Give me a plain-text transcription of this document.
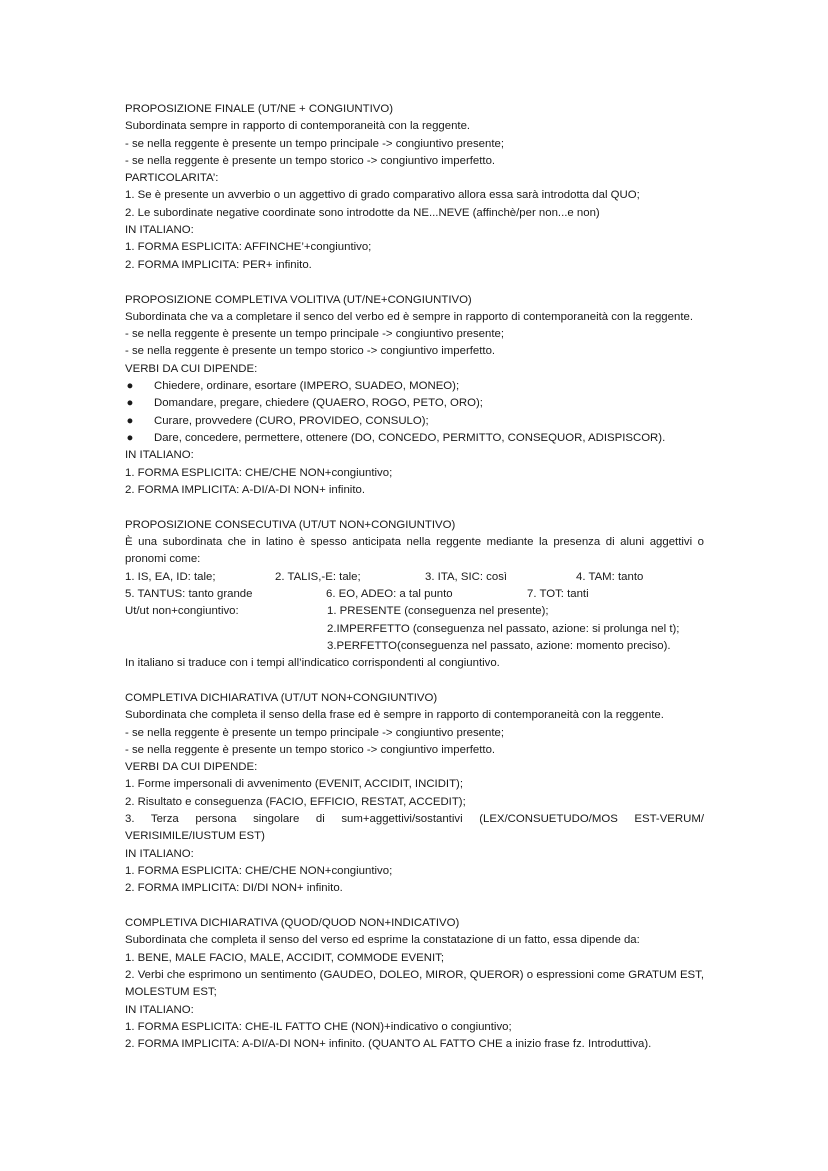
PROPOSIZIONE FINALE (UT/NE + CONGIUNTIVO)
Subordinata sempre in rapporto di contemporaneità con la reggente.
- se nella reggente è presente un tempo principale -> congiuntivo presente;
- se nella reggente è presente un tempo storico -> congiuntivo imperfetto.
PARTICOLARITA’:
1. Se è presente un avverbio o un aggettivo di grado comparativo allora essa sarà introdotta dal QUO;
2. Le subordinate negative coordinate sono introdotte da NE...NEVE (affinchè/per non...e non)
IN ITALIANO:
1. FORMA ESPLICITA: AFFINCHE’+congiuntivo;
2. FORMA IMPLICITA: PER+ infinito.
PROPOSIZIONE COMPLETIVA VOLITIVA (UT/NE+CONGIUNTIVO)
Subordinata che va a completare il senco del verbo ed è sempre in rapporto di contemporaneità con la reggente.
- se nella reggente è presente un tempo principale -> congiuntivo presente;
- se nella reggente è presente un tempo storico -> congiuntivo imperfetto.
VERBI DA CUI DIPENDE:
● Chiedere, ordinare, esortare (IMPERO, SUADEO, MONEO);
● Domandare, pregare, chiedere (QUAERO, ROGO, PETO, ORO);
● Curare, provvedere (CURO, PROVIDEO, CONSULO);
● Dare, concedere, permettere, ottenere (DO, CONCEDO, PERMITTO, CONSEQUOR, ADISPISCOR).
IN ITALIANO:
1. FORMA ESPLICITA: CHE/CHE NON+congiuntivo;
2. FORMA IMPLICITA: A-DI/A-DI NON+ infinito.
PROPOSIZIONE CONSECUTIVA (UT/UT NON+CONGIUNTIVO)
È una subordinata che in latino è spesso anticipata nella reggente mediante la presenza di aluni aggettivi o pronomi come:
1. IS, EA, ID: tale;	2. TALIS,-E: tale;	3. ITA, SIC: così	4. TAM: tanto
5. TANTUS: tanto grande	6. EO, ADEO: a tal punto	7. TOT: tanti
Ut/ut non+congiuntivo:	1. PRESENTE (conseguenza nel presente);
2.IMPERFETTO (conseguenza nel passato, azione: si prolunga nel t);
3.PERFETTO(conseguenza nel passato, azione: momento preciso).
In italiano si traduce con i tempi all’indicatico corrispondenti al congiuntivo.
COMPLETIVA DICHIARATIVA (UT/UT NON+CONGIUNTIVO)
Subordinata che completa il senso della frase ed è sempre in rapporto di contemporaneità con la reggente.
- se nella reggente è presente un tempo principale -> congiuntivo presente;
- se nella reggente è presente un tempo storico -> congiuntivo imperfetto.
VERBI DA CUI DIPENDE:
1. Forme impersonali di avvenimento (EVENIT, ACCIDIT, INCIDIT);
2. Risultato e conseguenza (FACIO, EFFICIO, RESTAT, ACCEDIT);
3. Terza persona singolare di sum+aggettivi/sostantivi (LEX/CONSUETUDO/MOS EST-VERUM/ VERISIMILE/IUSTUM EST)
IN ITALIANO:
1. FORMA ESPLICITA: CHE/CHE NON+congiuntivo;
2. FORMA IMPLICITA: DI/DI NON+ infinito.
COMPLETIVA DICHIARATIVA (QUOD/QUOD NON+INDICATIVO)
Subordinata che completa il senso del verso ed esprime la constatazione di un fatto, essa dipende da:
1. BENE, MALE FACIO, MALE, ACCIDIT, COMMODE EVENIT;
2. Verbi che esprimono un sentimento (GAUDEO, DOLEO, MIROR, QUEROR) o espressioni come GRATUM EST, MOLESTUM EST;
IN ITALIANO:
1. FORMA ESPLICITA: CHE-IL FATTO CHE (NON)+indicativo o congiuntivo;
2. FORMA IMPLICITA: A-DI/A-DI NON+ infinito. (QUANTO AL FATTO CHE a inizio frase fz. Introduttiva).
